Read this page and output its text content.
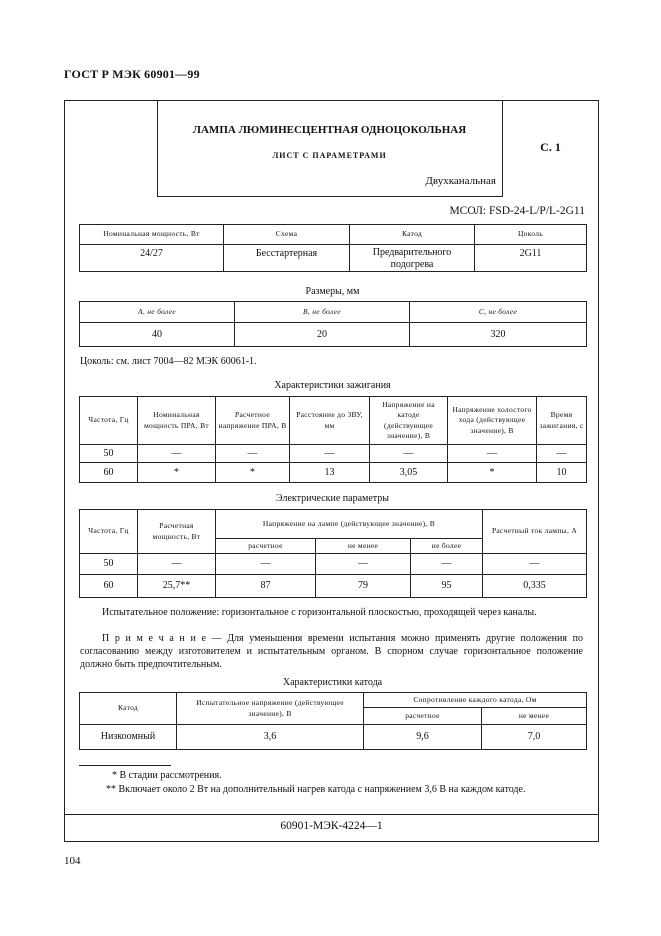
ГОСТ Р МЭК 60901—99
ЛАМПА ЛЮМИНЕСЦЕНТНАЯ ОДНОЦОКОЛЬНАЯ
ЛИСТ С ПАРАМЕТРАМИ
Двухканальная
С. 1
МСОЛ: FSD-24-L/P/L-2G11
Номинальная мощность, Вт	Схема	Катод	Цоколь
24/27	Бесстартерная	Предварительного подогрева	2G11
Размеры, мм
A, не более	B, не более	C, не более
40	20	320
Цоколь: см. лист 7004—82 МЭК 60061-1.
Характеристики зажигания
Частота, Гц	Номинальная мощность ПРА, Вт	Расчетное напряжение ПРА, В	Расстояние до ЗВУ, мм	Напряжение на катоде (действующее значение), В	Напряжение холостого хода (действующее значение), В	Время зажигания, с
50	—	—	—	—	—	—
60	*	*	13	3,05	*	10
Электрические параметры
Частота, Гц	Расчетная мощность, Вт	Напряжение на лампе (действующее значение), В			Расчетный ток лампы, А
		расчетное	не менее	не более	
50	—	—	—	—	—
60	25,7**	87	79	95	0,335
Испытательное положение: горизонтальное с горизонтальной плоскостью, проходящей через каналы.
П р и м е ч а н и е — Для уменьшения времени испытания можно применять другие положения по согласованию между изготовителем и испытательным органом. В спорном случае горизонтальное положение должно быть предпочтительным.
Характеристики катода
Катод	Испытательное напряжение (действующее значение), В	Сопротивление каждого катода, Ом	
		расчетное	не менее
Низкоомный	3,6	9,6	7,0
* В стадии рассмотрения.
** Включает около 2 Вт на дополнительный нагрев катода с напряжением 3,6 В на каждом катоде.
60901-МЭК-4224—1
104
